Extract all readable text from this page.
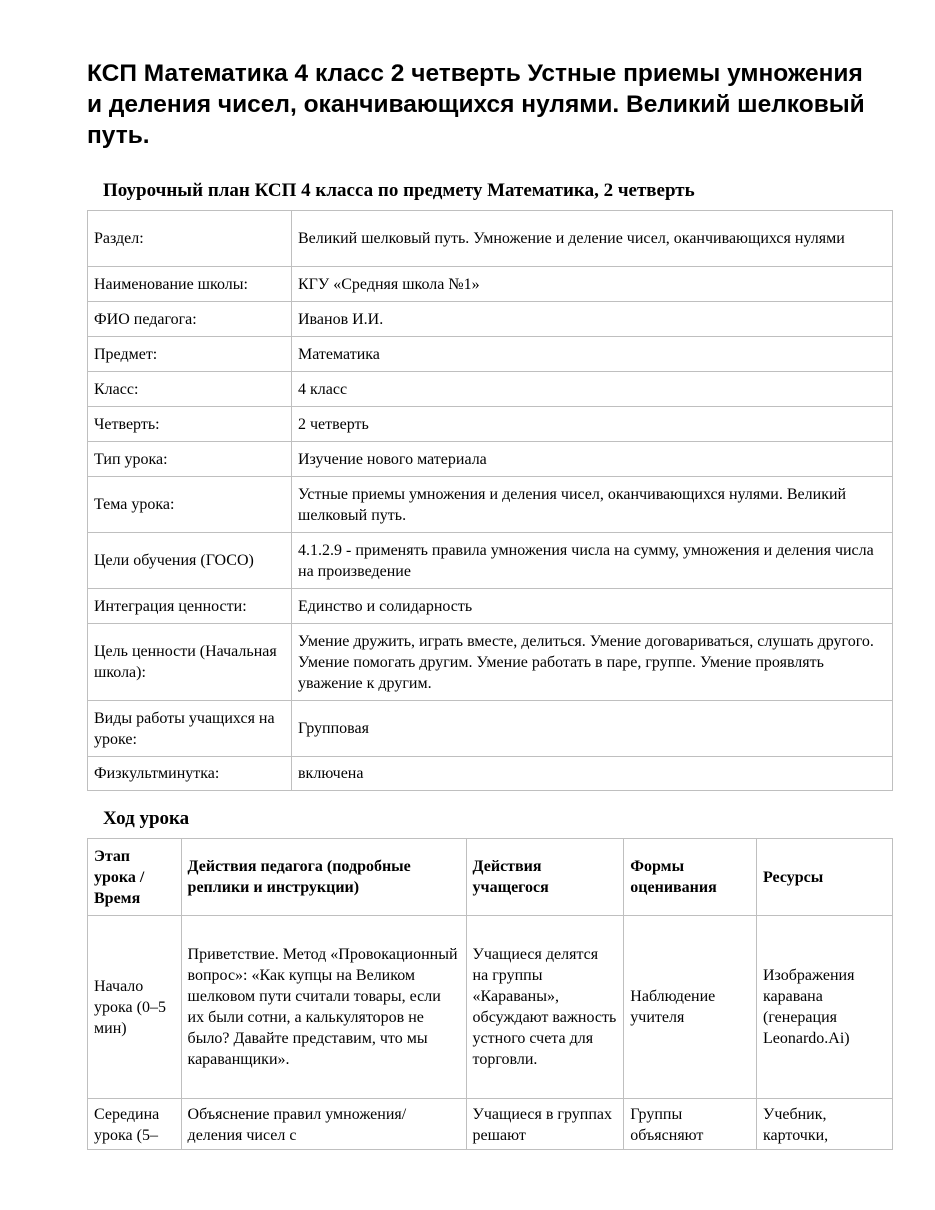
КСП Математика 4 класс 2 четверть Устные приемы умножения и деления чисел, оканчивающихся нулями. Великий шелковый путь.
Поурочный план КСП 4 класса по предмету Математика, 2 четверть
Раздел:	Великий шелковый путь. Умножение и деление чисел, оканчивающихся нулями
Наименование школы:	КГУ «Средняя школа №1»
ФИО педагога:	Иванов И.И.
Предмет:	Математика
Класс:	4 класс
Четверть:	2 четверть
Тип урока:	Изучение нового материала
Тема урока:	Устные приемы умножения и деления чисел, оканчивающихся нулями. Великий шелковый путь.
Цели обучения (ГОСО)	4.1.2.9 - применять правила умножения числа на сумму, умножения и деления числа на произведение
Интеграция ценности:	Единство и солидарность
Цель ценности (Начальная школа):	Умение дружить, играть вместе, делиться. Умение договариваться, слушать другого. Умение помогать другим. Умение работать в паре, группе. Умение проявлять уважение к другим.
Виды работы учащихся на уроке:	Групповая
Физкультминутка:	включена
Ход урока
Этап урока / Время	Действия педагога (подробные реплики и инструкции)	Действия учащегося	Формы оценивания	Ресурсы
Начало урока (0–5 мин)	Приветствие. Метод «Провокационный вопрос»: «Как купцы на Великом шелковом пути считали товары, если их были сотни, а калькуляторов не было? Давайте представим, что мы караванщики».	Учащиеся делятся на группы «Караваны», обсуждают важность устного счета для торговли.	Наблюдение учителя	Изображения каравана (генерация Leonardo.Ai)
Середина урока (5–	Объяснение правил умножения/деления чисел с	Учащиеся в группах решают	Группы объясняют	Учебник, карточки,
